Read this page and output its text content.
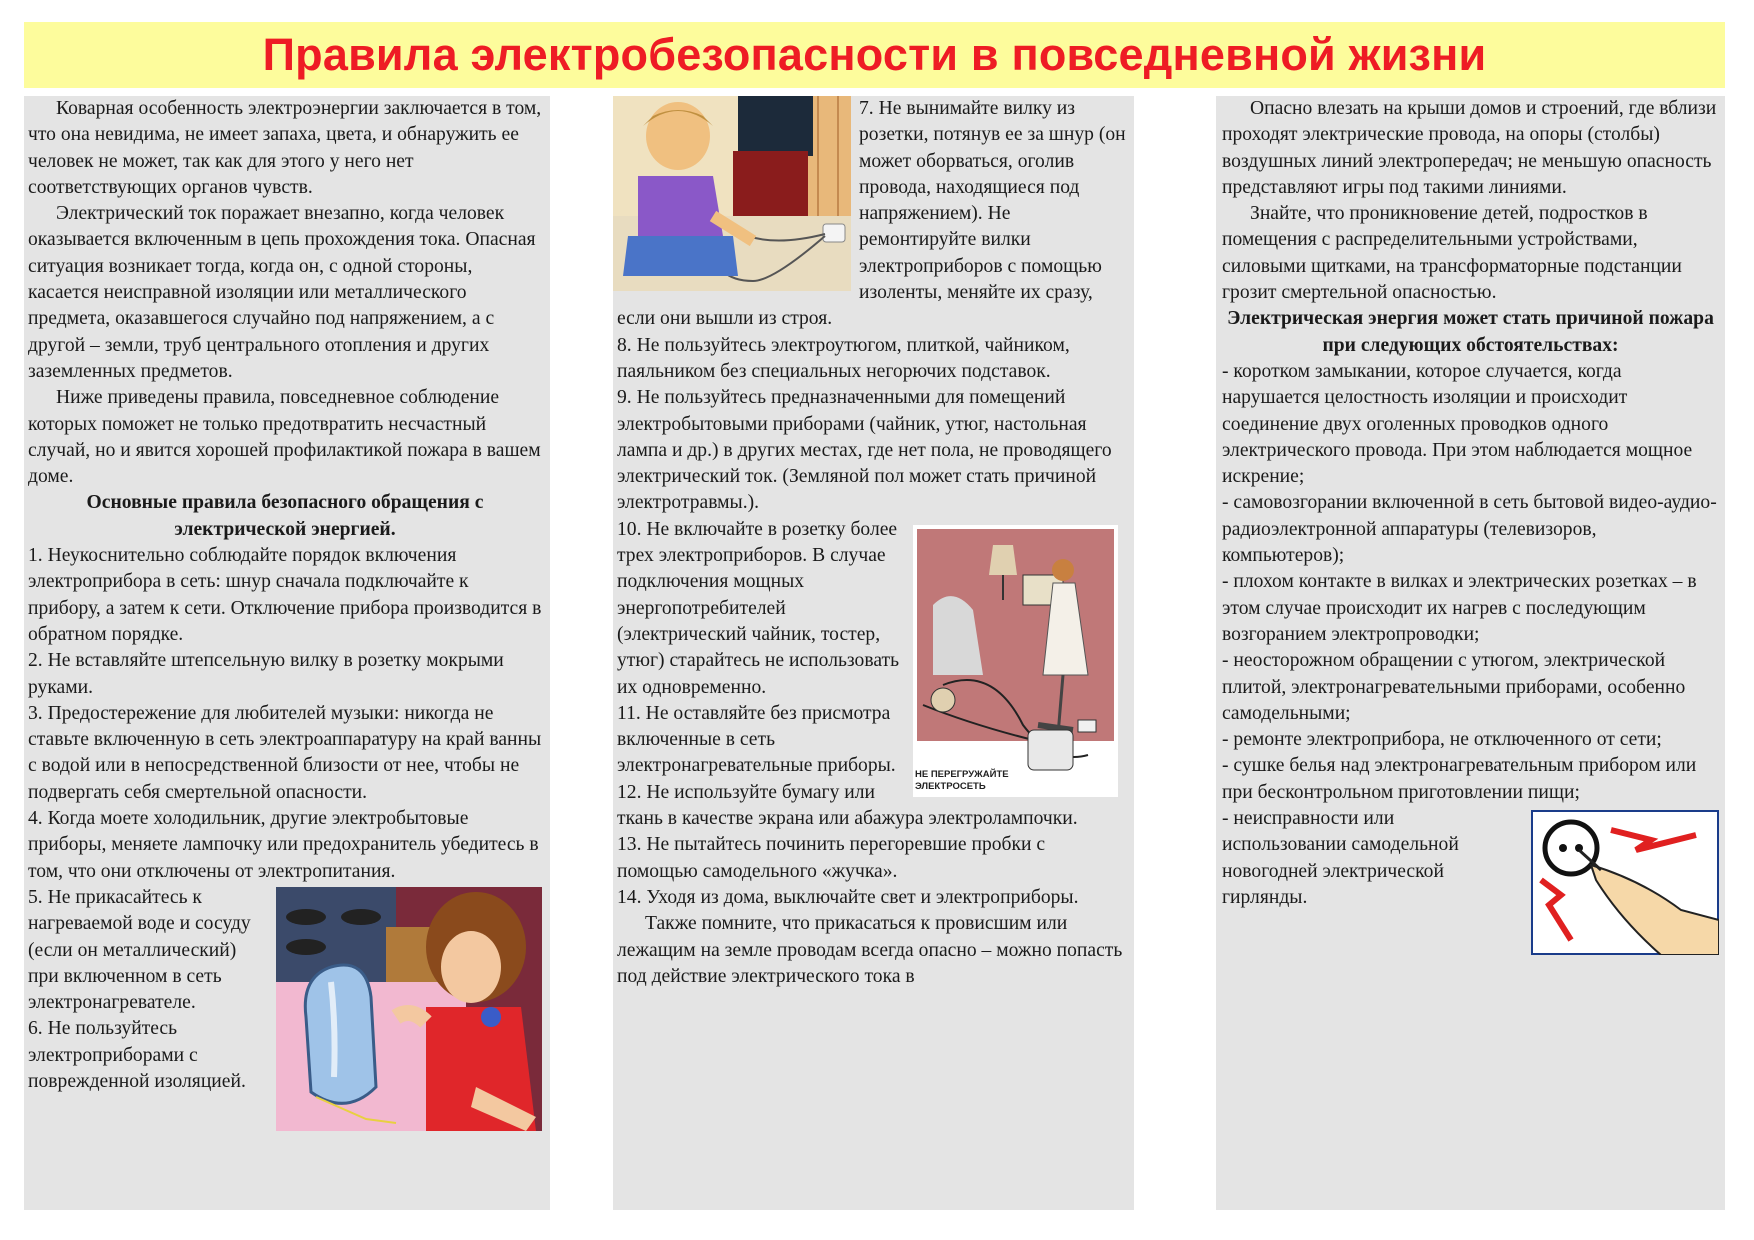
Правила электробезопасности в повседневной жизни

Коварная особенность электроэнергии заключается в том, что она невидима, не имеет запаха, цвета, и обнаружить ее человек не может, так как для этого у него нет соответствующих органов чувств.

Электрический ток поражает внезапно, когда человек оказывается включенным в цепь прохождения тока. Опасная ситуация возникает тогда, когда он, с одной стороны, касается неисправной изоляции или металлического предмета, оказавшегося случайно под напряжением, а с другой – земли, труб центрального отопления и других заземленных предметов.

Ниже приведены правила, повседневное соблюдение которых поможет не только предотвратить несчастный случай, но и явится хорошей профилактикой пожара в вашем доме.

Основные правила безопасного обращения с электрической энергией.

1. Неукоснительно соблюдайте порядок включения электроприбора в сеть: шнур сначала подключайте к прибору, а затем к сети. Отключение прибора производится в обратном порядке.

2. Не вставляйте штепсельную вилку в розетку мокрыми руками.

3. Предостережение для любителей музыки: никогда не ставьте включенную в сеть электроаппаратуру на край ванны с водой или в непосредственной близости от нее, чтобы не подвергать себя смертельной опасности.

4. Когда моете холодильник, другие электробытовые приборы, меняете лампочку или предохранитель убедитесь в том, что они отключены от электропитания.

5. Не прикасайтесь к нагреваемой воде и сосуду (если он металлический) при включенном в сеть электронагревателе.

6. Не пользуйтесь электроприборами с поврежденной изоляцией.

7. Не вынимайте вилку из розетки, потянув ее за шнур (он может оборваться, оголив провода, находящиеся под напряжением). Не ремонтируйте вилки электроприборов с помощью изоленты, меняйте их сразу, если они вышли из строя.

8. Не пользуйтесь электроутюгом, плиткой, чайником, паяльником без специальных негорючих подставок.

9. Не пользуйтесь предназначенными для помещений электробытовыми приборами (чайник, утюг, настольная лампа и др.) в других местах, где нет пола, не проводящего электрический ток. (Земляной пол может стать причиной электротравмы.).

НЕ ПЕРЕГРУЖАЙТЕ ЭЛЕКТРОСЕТЬ

10. Не включайте в розетку более трех электроприборов. В случае подключения мощных энергопотребителей (электрический чайник, тостер, утюг) старайтесь не использовать их одновременно.

11. Не оставляйте без присмотра включенные в сеть электронагревательные приборы.

12. Не используйте бумагу или ткань в качестве экрана или абажура электролампочки.

13. Не пытайтесь починить перегоревшие пробки с помощью самодельного «жучка».

14. Уходя из дома, выключайте свет и электроприборы.

Также помните, что прикасаться к провисшим или лежащим на земле проводам всегда опасно – можно попасть под действие электрического тока в

Опасно влезать на крыши домов и строений, где вблизи проходят электрические провода, на опоры (столбы) воздушных линий электропередач; не меньшую опасность представляют игры под такими линиями.

Знайте, что проникновение детей, подростков в помещения с распределительными устройствами, силовыми щитками, на трансформаторные подстанции грозит смертельной опасностью.

Электрическая энергия может стать причиной пожара при следующих обстоятельствах:

- коротком замыкании, которое случается, когда нарушается целостность изоляции и происходит соединение двух оголенных проводков одного электрического провода. При этом наблюдается мощное искрение;

- самовозгорании включенной в сеть бытовой видео-аудио-радиоэлектронной аппаратуры (телевизоров, компьютеров);

- плохом контакте в вилках и электрических розетках – в этом случае происходит их нагрев с последующим возгоранием электропроводки;

- неосторожном обращении с утюгом, электрической плитой, электронагревательными приборами, особенно самодельными;

- ремонте электроприбора, не отключенного от сети;

- сушке белья над электронагревательным прибором или при бесконтрольном приготовлении пищи;

- неисправности или использовании самодельной новогодней электрической гирлянды.
